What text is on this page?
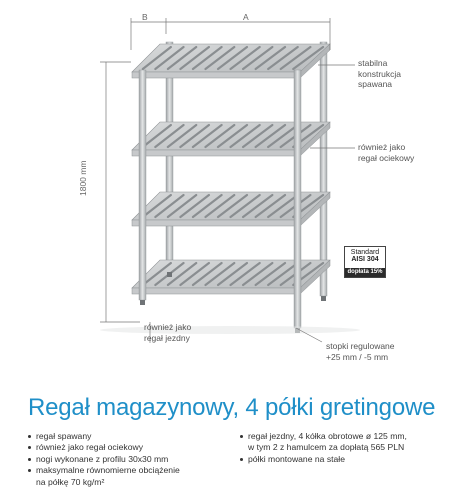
B	A
1800 mm
stabilna
konstrukcja
spawana
również jako
regał ociekowy
również jako
regał jezdny
stopki regulowane
+25 mm / -5 mm
Standard
AISI 304
dopłata 15%
Regał magazynowy, 4 półki gretingowe
regał spawany
również jako regał ociekowy
nogi wykonane z profilu 30x30 mm
maksymalne równomierne obciążenie
na półkę 70 kg/m²
regał jezdny, 4 kółka obrotowe ø 125 mm,
w tym 2 z hamulcem za dopłatą 565 PLN
półki montowane na stałe
